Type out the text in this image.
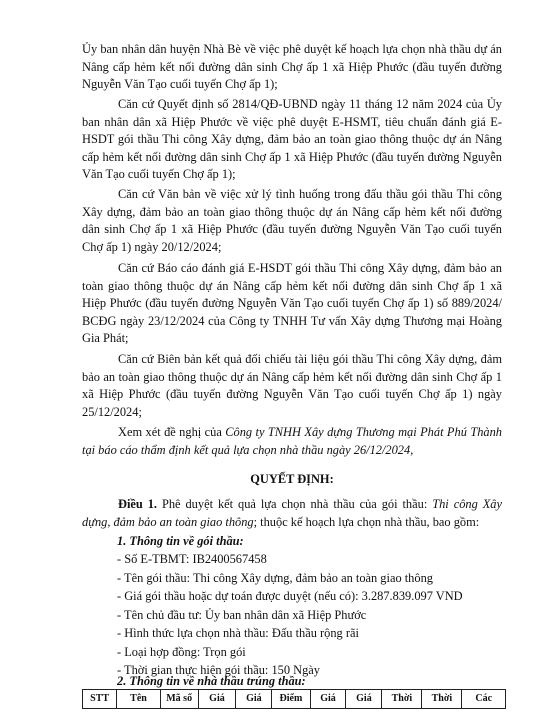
Ủy ban nhân dân huyện Nhà Bè về việc phê duyệt kế hoạch lựa chọn nhà thầu dự án Nâng cấp hẻm kết nối đường dân sinh Chợ ấp 1 xã Hiệp Phước (đầu tuyến đường Nguyễn Văn Tạo cuối tuyến Chợ ấp 1);

Căn cứ Quyết định số 2814/QĐ-UBND ngày 11 tháng 12 năm 2024 của Ủy ban nhân dân xã Hiệp Phước về việc phê duyệt E-HSMT, tiêu chuẩn đánh giá E-HSDT gói thầu Thi công Xây dựng, đảm bảo an toàn giao thông thuộc dự án Nâng cấp hẻm kết nối đường dân sinh Chợ ấp 1 xã Hiệp Phước (đầu tuyến đường Nguyễn Văn Tạo cuối tuyến Chợ ấp 1);

Căn cứ Văn bản về việc xử lý tình huống trong đấu thầu gói thầu Thi công Xây dựng, đảm bảo an toàn giao thông thuộc dự án Nâng cấp hẻm kết nối đường dân sinh Chợ ấp 1 xã Hiệp Phước (đầu tuyến đường Nguyễn Văn Tạo cuối tuyến Chợ ấp 1) ngày 20/12/2024;

Căn cứ Báo cáo đánh giá E-HSDT gói thầu Thi công Xây dựng, đảm bảo an toàn giao thông thuộc dự án Nâng cấp hẻm kết nối đường dân sinh Chợ ấp 1 xã Hiệp Phước (đầu tuyến đường Nguyễn Văn Tạo cuối tuyến Chợ ấp 1) số 889/2024/ BCĐG ngày 23/12/2024 của Công ty TNHH Tư vấn Xây dựng Thương mại Hoàng Gia Phát;

Căn cứ Biên bản kết quả đối chiếu tài liệu gói thầu Thi công Xây dựng, đảm bảo an toàn giao thông thuộc dự án Nâng cấp hẻm kết nối đường dân sinh Chợ ấp 1 xã Hiệp Phước (đầu tuyến đường Nguyễn Văn Tạo cuối tuyến Chợ ấp 1) ngày 25/12/2024;

Xem xét đề nghị của Công ty TNHH Xây dựng Thương mại Phát Phú Thành tại báo cáo thẩm định kết quả lựa chọn nhà thầu ngày 26/12/2024,

QUYẾT ĐỊNH:

Điều 1. Phê duyệt kết quả lựa chọn nhà thầu của gói thầu: Thi công Xây dựng, đảm bảo an toàn giao thông; thuộc kế hoạch lựa chọn nhà thầu, bao gồm:

1. Thông tin về gói thầu:

- Số E-TBMT: IB2400567458

- Tên gói thầu: Thi công Xây dựng, đảm bảo an toàn giao thông

- Giá gói thầu hoặc dự toán được duyệt (nếu có): 3.287.839.097 VND

- Tên chủ đầu tư: Ủy ban nhân dân xã Hiệp Phước

- Hình thức lựa chọn nhà thầu: Đấu thầu rộng rãi

- Loại hợp đồng: Trọn gói

- Thời gian thực hiện gói thầu: 150 Ngày

2. Thông tin về nhà thầu trúng thầu:

STT	Tên	Mã số	Giá	Giá	Điểm	Giá	Giá	Thời	Thời	Các
